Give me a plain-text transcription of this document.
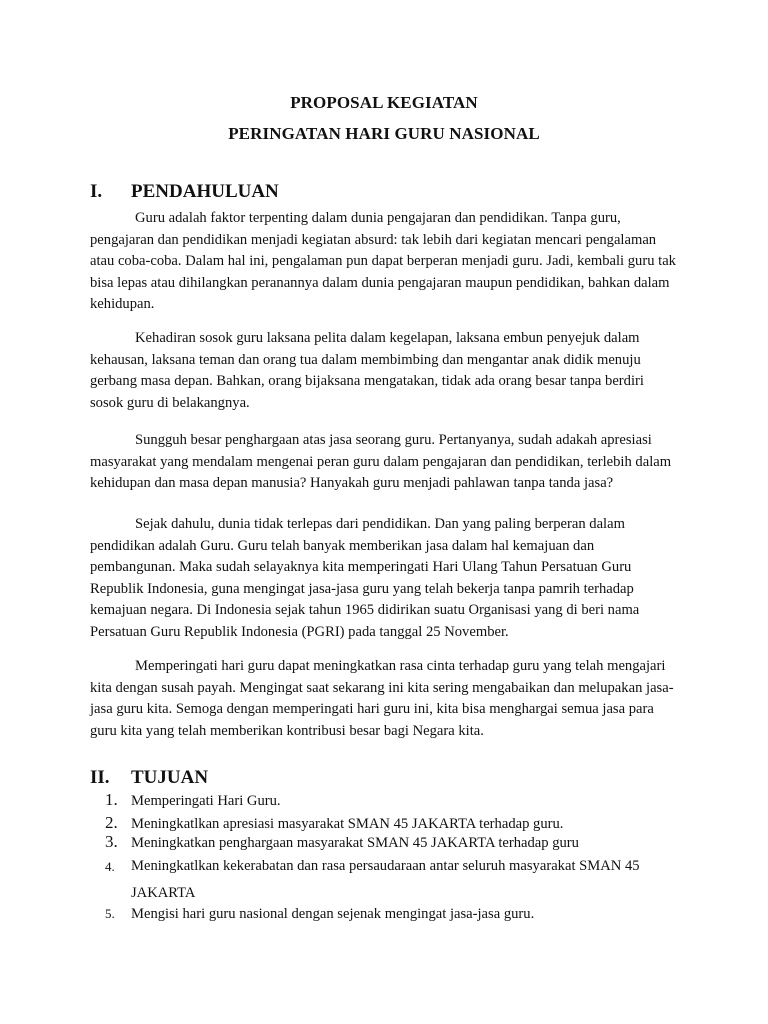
PROPOSAL KEGIATAN
PERINGATAN HARI GURU NASIONAL
I. PENDAHULUAN

Guru adalah faktor terpenting dalam dunia pengajaran dan pendidikan. Tanpa guru, pengajaran dan pendidikan menjadi kegiatan absurd: tak lebih dari kegiatan mencari pengalaman atau coba-coba. Dalam hal ini, pengalaman pun dapat berperan menjadi guru. Jadi, kembali guru tak bisa lepas atau dihilangkan peranannya dalam dunia pengajaran maupun pendidikan, bahkan dalam kehidupan.

Kehadiran sosok guru laksana pelita dalam kegelapan, laksana embun penyejuk dalam kehausan, laksana teman dan orang tua dalam membimbing dan mengantar anak didik menuju gerbang masa depan. Bahkan, orang bijaksana mengatakan, tidak ada orang besar tanpa berdiri sosok guru di belakangnya.

Sungguh besar penghargaan atas jasa seorang guru. Pertanyanya, sudah adakah apresiasi masyarakat yang mendalam mengenai peran guru dalam pengajaran dan pendidikan, terlebih dalam kehidupan dan masa depan manusia? Hanyakah guru menjadi pahlawan tanpa tanda jasa?

Sejak dahulu, dunia tidak terlepas dari pendidikan. Dan yang paling berperan dalam pendidikan adalah Guru. Guru telah banyak memberikan jasa dalam hal kemajuan dan pembangunan. Maka sudah selayaknya kita memperingati Hari Ulang Tahun Persatuan Guru Republik Indonesia, guna mengingat jasa-jasa guru yang telah bekerja tanpa pamrih terhadap kemajuan negara. Di Indonesia sejak tahun 1965 didirikan suatu Organisasi yang di beri nama Persatuan Guru Republik Indonesia (PGRI) pada tanggal 25 November.

Memperingati hari guru dapat meningkatkan rasa cinta terhadap guru yang telah mengajari kita dengan susah payah. Mengingat saat sekarang ini kita sering mengabaikan dan melupakan jasa-jasa guru kita. Semoga dengan memperingati hari guru ini, kita bisa menghargai semua jasa para guru kita yang telah memberikan kontribusi besar bagi Negara kita.

II. TUJUAN
1. Memperingati Hari Guru.
2. Meningkatlkan apresiasi masyarakat SMAN 45 JAKARTA terhadap guru.
3. Meningkatkan penghargaan masyarakat SMAN 45 JAKARTA terhadap guru
4. Meningkatlkan kekerabatan dan rasa persaudaraan antar seluruh masyarakat SMAN 45 JAKARTA
5. Mengisi hari guru nasional dengan sejenak mengingat jasa-jasa guru.
